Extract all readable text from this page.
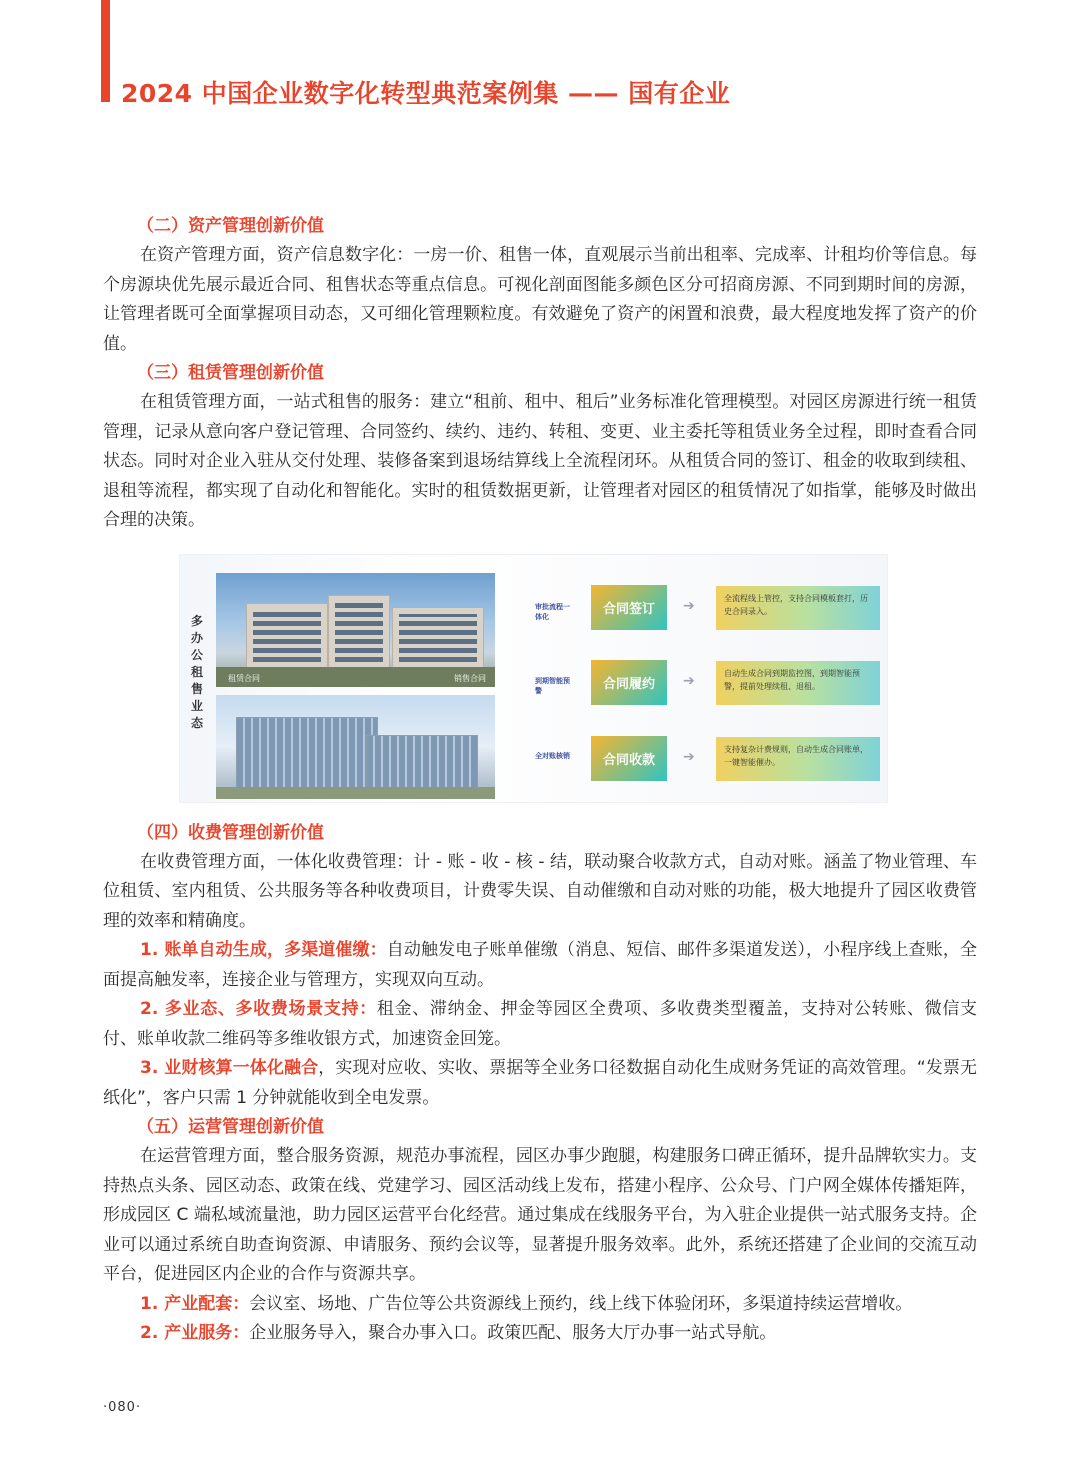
2024 中国企业数字化转型典范案例集 —— 国有企业

（二）资产管理创新价值

在资产管理方面，资产信息数字化：一房一价、租售一体，直观展示当前出租率、完成率、计租均价等信息。每个房源块优先展示最近合同、租售状态等重点信息。可视化剖面图能多颜色区分可招商房源、不同到期时间的房源，让管理者既可全面掌握项目动态，又可细化管理颗粒度。有效避免了资产的闲置和浪费，最大程度地发挥了资产的价值。

（三）租赁管理创新价值

在租赁管理方面，一站式租售的服务：建立“租前、租中、租后”业务标准化管理模型。对园区房源进行统一租赁管理，记录从意向客户登记管理、合同签约、续约、违约、转租、变更、业主委托等租赁业务全过程，即时查看合同状态。同时对企业入驻从交付处理、装修备案到退场结算线上全流程闭环。从租赁合同的签订、租金的收取到续租、退租等流程，都实现了自动化和智能化。实时的租赁数据更新，让管理者对园区的租赁情况了如指掌，能够及时做出合理的决策。

多办公租售业态
租赁合同	销售合同
审批流程一体化	合同签订	➔	全流程线上管控，支持合同模板套打，历史合同录入。
到期智能预警	合同履约	➔	自动生成合同到期监控图，到期智能预警，提前处理续租、退租。
全对账核销	合同收款	➔	支持复杂计费规则，自动生成合同账单，一键智能催办。

（四）收费管理创新价值

在收费管理方面，一体化收费管理：计 - 账 - 收 - 核 - 结，联动聚合收款方式，自动对账。涵盖了物业管理、车位租赁、室内租赁、公共服务等各种收费项目，计费零失误、自动催缴和自动对账的功能，极大地提升了园区收费管理的效率和精确度。

1. 账单自动生成，多渠道催缴：自动触发电子账单催缴（消息、短信、邮件多渠道发送），小程序线上查账，全面提高触发率，连接企业与管理方，实现双向互动。

2. 多业态、多收费场景支持：租金、滞纳金、押金等园区全费项、多收费类型覆盖，支持对公转账、微信支付、账单收款二维码等多维收银方式，加速资金回笼。

3. 业财核算一体化融合，实现对应收、实收、票据等全业务口径数据自动化生成财务凭证的高效管理。“发票无纸化”，客户只需 1 分钟就能收到全电发票。

（五）运营管理创新价值

在运营管理方面，整合服务资源，规范办事流程，园区办事少跑腿，构建服务口碑正循环，提升品牌软实力。支持热点头条、园区动态、政策在线、党建学习、园区活动线上发布，搭建小程序、公众号、门户网全媒体传播矩阵，形成园区 C 端私域流量池，助力园区运营平台化经营。通过集成在线服务平台，为入驻企业提供一站式服务支持。企业可以通过系统自助查询资源、申请服务、预约会议等，显著提升服务效率。此外，系统还搭建了企业间的交流互动平台，促进园区内企业的合作与资源共享。

1. 产业配套：会议室、场地、广告位等公共资源线上预约，线上线下体验闭环，多渠道持续运营增收。

2. 产业服务：企业服务导入，聚合办事入口。政策匹配、服务大厅办事一站式导航。

·080·
